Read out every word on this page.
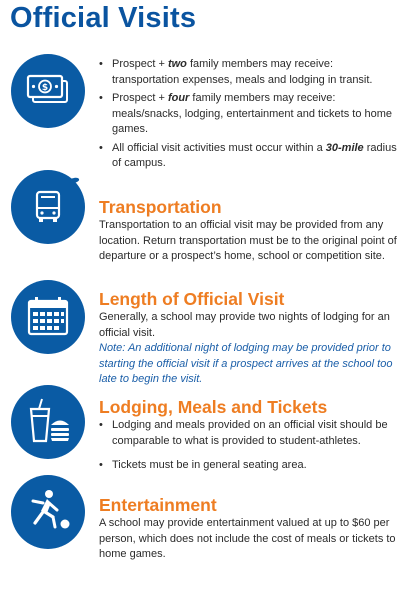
Official Visits
$
• Prospect + two family members may receive: transportation expenses, meals and lodging in transit.
• Prospect + four family members may receive: meals/snacks, lodging, entertainment and tickets to home games.
• All official visit activities must occur within a 30-mile radius of campus.
Transportation
Transportation to an official visit may be provided from any location. Return transportation must be to the original point of departure or a prospect’s home, school or competition site.
Length of Official Visit
Generally, a school may provide two nights of lodging for an official visit.
Note: An additional night of lodging may be provided prior to starting the official visit if a prospect arrives at the school too late to begin the visit.
Lodging, Meals and Tickets
• Lodging and meals provided on an official visit should be comparable to what is provided to student-athletes.
• Tickets must be in general seating area.
Entertainment
A school may provide entertainment valued at up to $60 per person, which does not include the cost of meals or tickets to home games.
